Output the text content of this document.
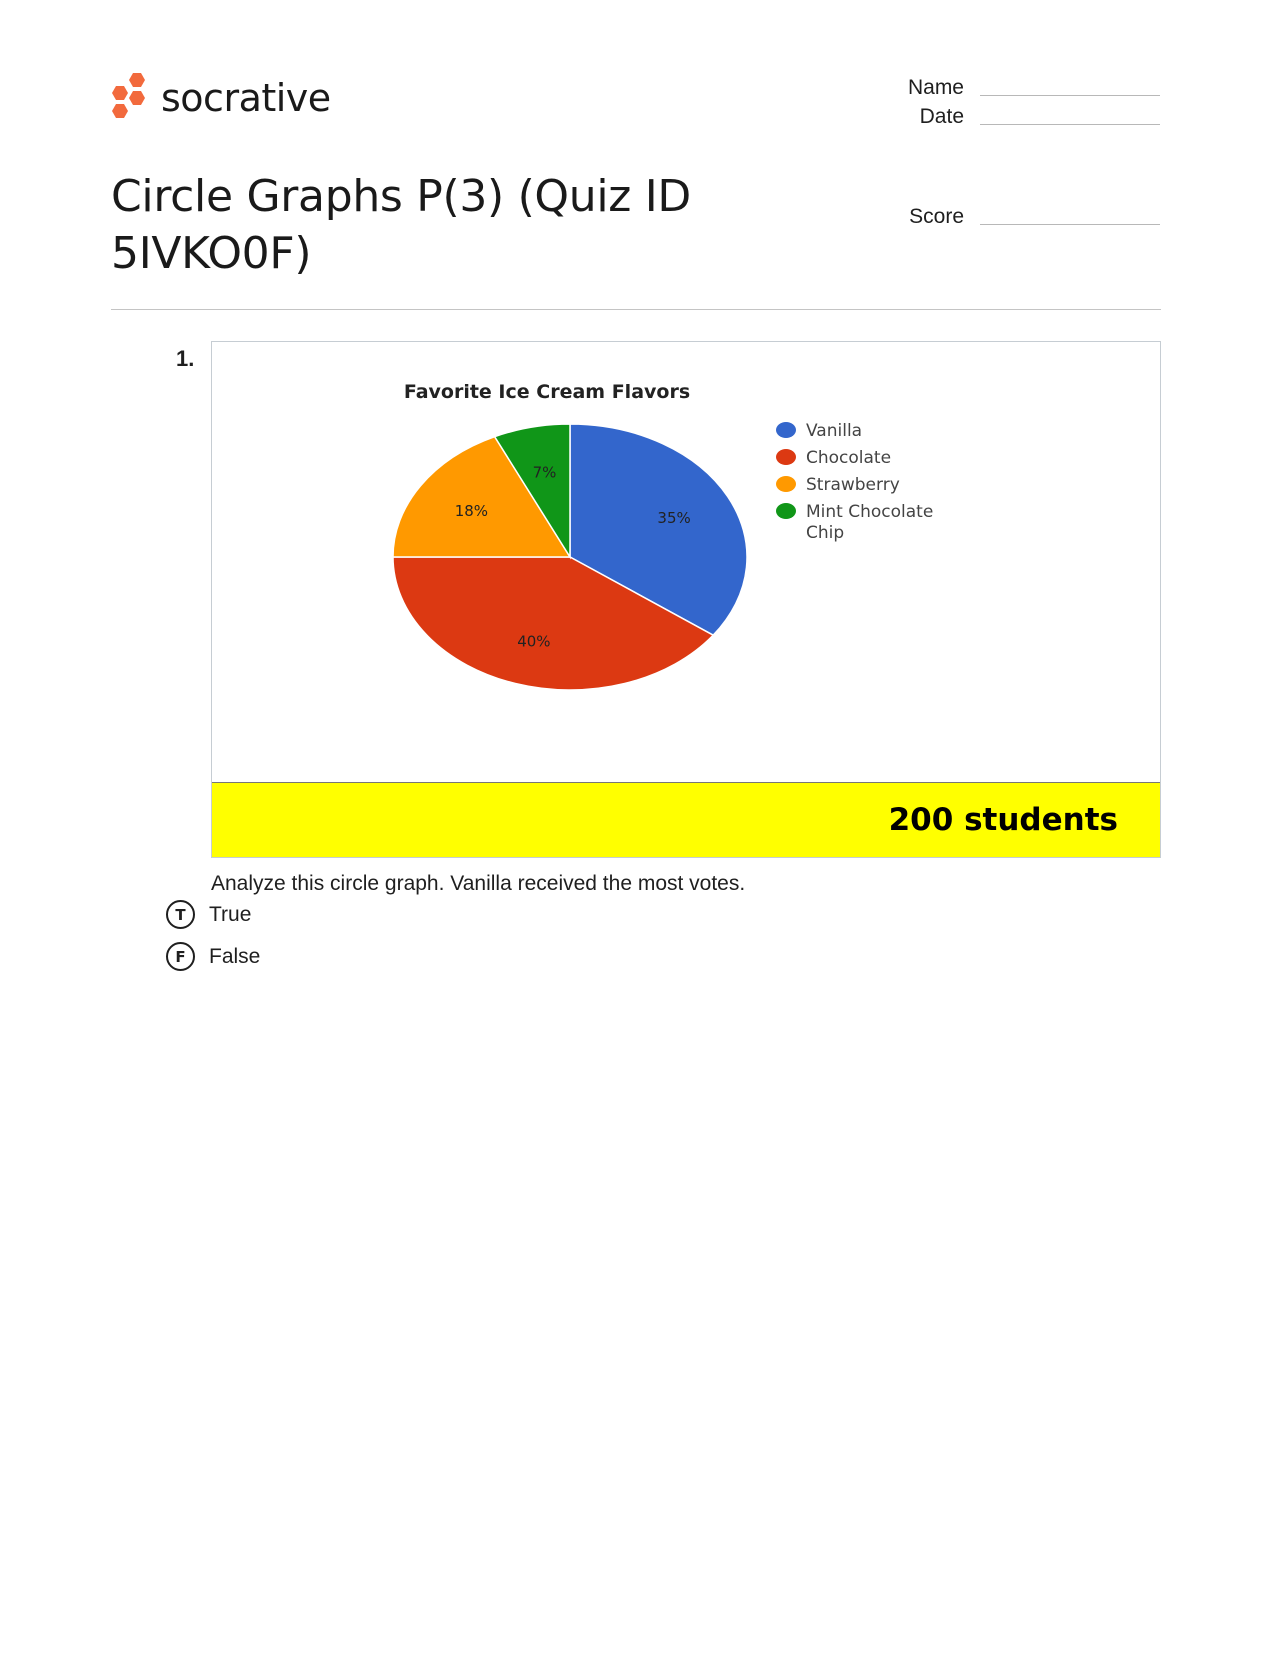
socrative	Name
Date
Score
Circle Graphs P(3) (Quiz ID 5IVKO0F)
1.
Favorite Ice Cream Flavors
35%
40%
18%
7%
Vanilla
Chocolate
Strawberry
Mint Chocolate
Chip
200 students
Analyze this circle graph. Vanilla received the most votes.
T	True
F	False
